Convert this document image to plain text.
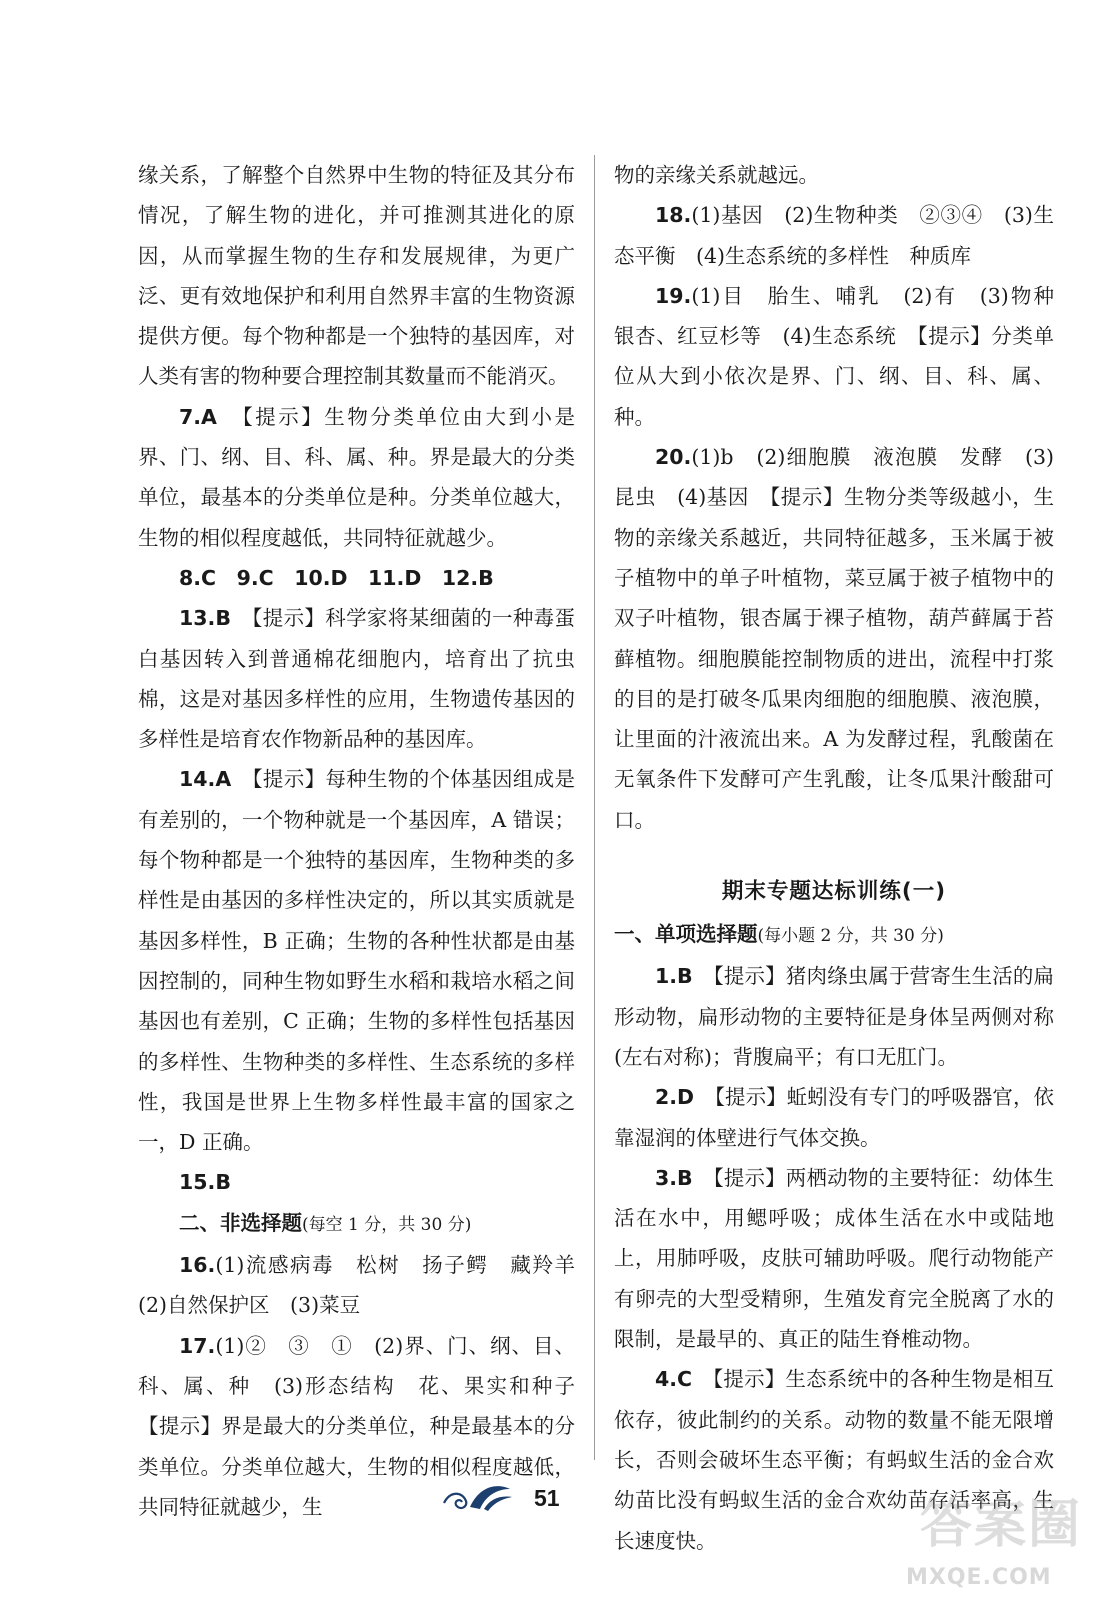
缘关系，了解整个自然界中生物的特征及其分布情况，了解生物的进化，并可推测其进化的原因，从而掌握生物的生存和发展规律，为更广泛、更有效地保护和利用自然界丰富的生物资源提供方便。每个物种都是一个独特的基因库，对人类有害的物种要合理控制其数量而不能消灭。

7.A　 【提示】生物分类单位由大到小是界、门、纲、目、科、属、种。界是最大的分类单位，最基本的分类单位是种。分类单位越大，生物的相似程度越低，共同特征就越少。

8.C　9.C　10.D　11.D　12.B

13.B　 【提示】科学家将某细菌的一种毒蛋白基因转入到普通棉花细胞内，培育出了抗虫棉，这是对基因多样性的应用，生物遗传基因的多样性是培育农作物新品种的基因库。

14.A　 【提示】每种生物的个体基因组成是有差别的，一个物种就是一个基因库，A 错误；每个物种都是一个独特的基因库，生物种类的多样性是由基因的多样性决定的，所以其实质就是基因多样性，B 正确；生物的各种性状都是由基因控制的，同种生物如野生水稻和栽培水稻之间基因也有差别，C 正确；生物的多样性包括基因的多样性、生物种类的多样性、生态系统的多样性，我国是世界上生物多样性最丰富的国家之一，D 正确。

15.B

二、非选择题(每空 1 分，共 30 分)

16.(1)流感病毒　松树　扬子鳄　藏羚羊　(2)自然保护区　(3)菜豆

17.(1)②　③　①　(2)界、门、纲、目、科、属、种　(3)形态结构　花、果实和种子　【提示】界是最大的分类单位，种是最基本的分类单位。分类单位越大，生物的相似程度越低，共同特征就越少，生

物的亲缘关系就越远。

18.(1)基因　(2)生物种类　②③④　(3)生态平衡　(4)生态系统的多样性　种质库

19.(1)目　胎生、哺乳　(2)有　(3)物种　银杏、红豆杉等　(4)生态系统　【提示】分类单位从大到小依次是界、门、纲、目、科、属、种。

20.(1)b　(2)细胞膜　液泡膜　发酵　(3)昆虫　(4)基因　【提示】生物分类等级越小，生物的亲缘关系越近，共同特征越多，玉米属于被子植物中的单子叶植物，菜豆属于被子植物中的双子叶植物，银杏属于裸子植物，葫芦藓属于苔藓植物。细胞膜能控制物质的进出，流程中打浆的目的是打破冬瓜果肉细胞的细胞膜、液泡膜，让里面的汁液流出来。A 为发酵过程，乳酸菌在无氧条件下发酵可产生乳酸，让冬瓜果汁酸甜可口。

期末专题达标训练(一)

一、单项选择题(每小题 2 分，共 30 分)

1.B　 【提示】猪肉绦虫属于营寄生生活的扁形动物，扁形动物的主要特征是身体呈两侧对称(左右对称)；背腹扁平；有口无肛门。

2.D　 【提示】蚯蚓没有专门的呼吸器官，依靠湿润的体壁进行气体交换。

3.B　 【提示】两栖动物的主要特征：幼体生活在水中，用鳃呼吸；成体生活在水中或陆地上，用肺呼吸，皮肤可辅助呼吸。爬行动物能产有卵壳的大型受精卵，生殖发育完全脱离了水的限制，是最早的、真正的陆生脊椎动物。

4.C　 【提示】生态系统中的各种生物是相互依存，彼此制约的关系。动物的数量不能无限增长，否则会破坏生态平衡；有蚂蚁生活的金合欢幼苗比没有蚂蚁生活的金合欢幼苗存活率高，生长速度快。

51	答案圈
MXQE.COM
